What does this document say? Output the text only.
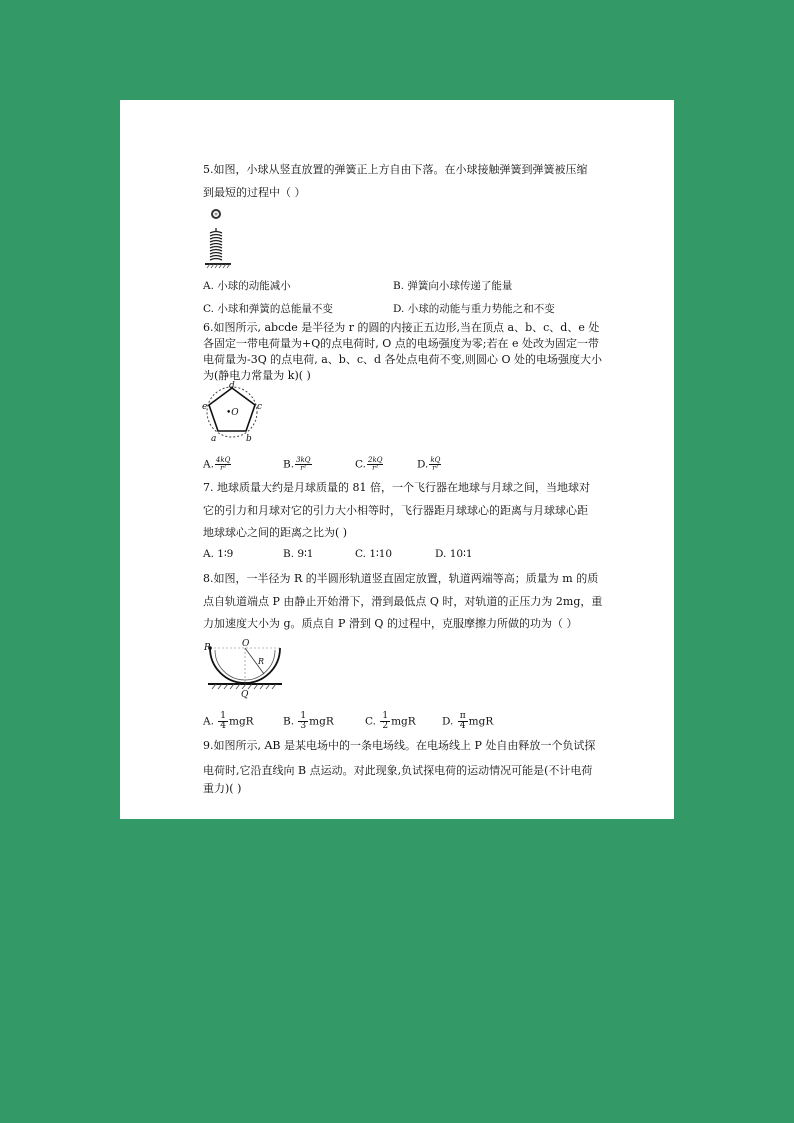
5.如图，小球从竖直放置的弹簧正上方自由下落。在小球接触弹簧到弹簧被压缩
到最短的过程中（ ）
A. 小球的动能减小	B. 弹簧向小球传递了能量
C. 小球和弹簧的总能量不变	D. 小球的动能与重力势能之和不变
6.如图所示, abcde 是半径为 r 的圆的内接正五边形,当在顶点 a、b、c、d、e 处
各固定一带电荷量为+Q的点电荷时, O 点的电场强度为零;若在 e 处改为固定一带
电荷量为-3Q 的点电荷, a、b、c、d 各处点电荷不变,则圆心 O 处的电场强度大小
为(静电力常量为 k)( )
d
c
e
a	b
•O
A. $\frac{4kQ}{\text{r²}}$	B. $\frac{3kQ}{\text{r²}}$	C. $\frac{2kQ}{\text{r²}}$	D. $\frac{kQ}{\text{r²}}$
7. 地球质量大约是月球质量的 81 倍，一个飞行器在地球与月球之间，当地球对
它的引力和月球对它的引力大小相等时，飞行器距月球球心的距离与月球球心距
地球球心之间的距离之比为( )
A. 1∶9	B. 9∶1	C. 1∶10	D. 10∶1
8.如图，一半径为 R 的半圆形轨道竖直固定放置，轨道两端等高；质量为 m 的质
点自轨道端点 P 由静止开始滑下，滑到最低点 Q 时，对轨道的正压力为 2mg，重
力加速度大小为 g。质点自 P 滑到 Q 的过程中，克服摩擦力所做的功为（ ）
P	O
R
Q
A. $\frac{1}{4}$ mgR	B. $\frac{1}{3}$ mgR	C. $\frac{1}{2}$ mgR	D. $\frac{\pi}{4}$ mgR
9.如图所示, AB 是某电场中的一条电场线。在电场线上 P 处自由释放一个负试探
电荷时,它沿直线向 B 点运动。对此现象,负试探电荷的运动情况可能是(不计电荷
重力)( )
